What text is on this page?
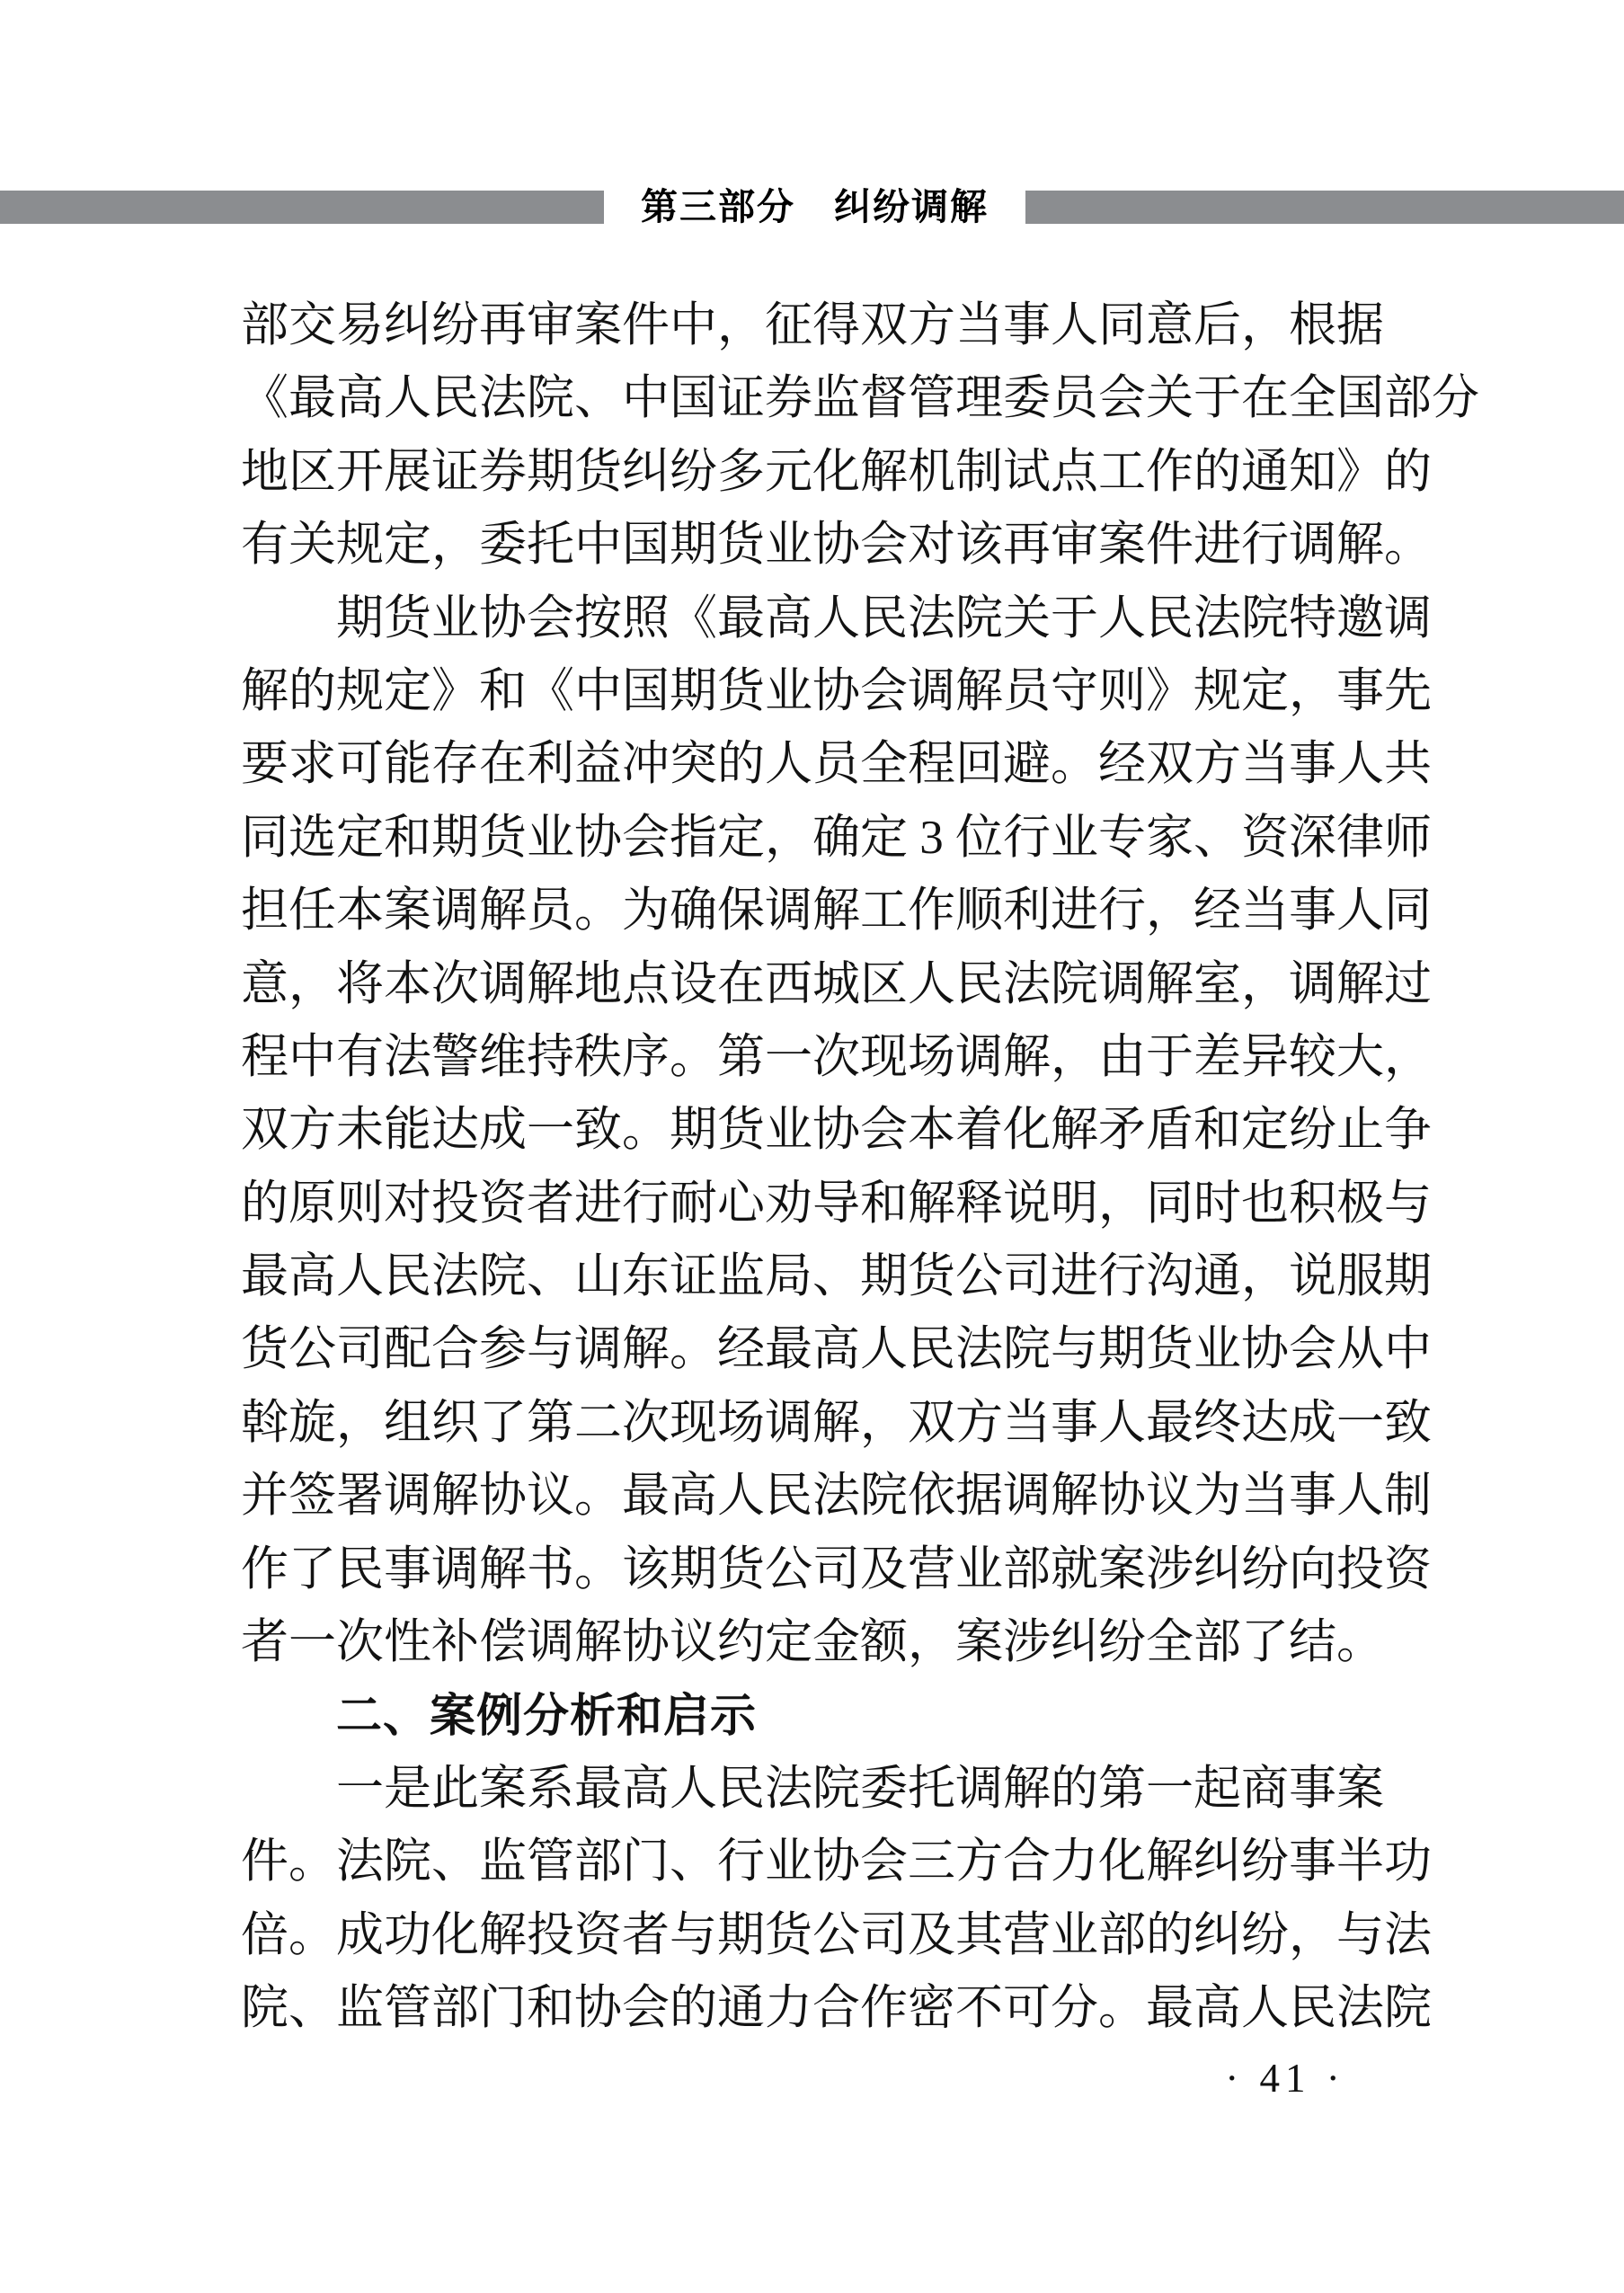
第三部分　纠纷调解
部交易纠纷再审案件中，征得双方当事人同意后，根据
《最高人民法院、中国证券监督管理委员会关于在全国部分
地区开展证券期货纠纷多元化解机制试点工作的通知》的
有关规定，委托中国期货业协会对该再审案件进行调解。
期货业协会按照《最高人民法院关于人民法院特邀调
解的规定》和《中国期货业协会调解员守则》规定，事先
要求可能存在利益冲突的人员全程回避。经双方当事人共
同选定和期货业协会指定，确定 3 位行业专家、资深律师
担任本案调解员。为确保调解工作顺利进行，经当事人同
意，将本次调解地点设在西城区人民法院调解室，调解过
程中有法警维持秩序。第一次现场调解，由于差异较大，
双方未能达成一致。期货业协会本着化解矛盾和定纷止争
的原则对投资者进行耐心劝导和解释说明，同时也积极与
最高人民法院、山东证监局、期货公司进行沟通，说服期
货公司配合参与调解。经最高人民法院与期货业协会从中
斡旋，组织了第二次现场调解，双方当事人最终达成一致
并签署调解协议。最高人民法院依据调解协议为当事人制
作了民事调解书。该期货公司及营业部就案涉纠纷向投资
者一次性补偿调解协议约定金额，案涉纠纷全部了结。
二、案例分析和启示
一是此案系最高人民法院委托调解的第一起商事案
件。法院、监管部门、行业协会三方合力化解纠纷事半功
倍。成功化解投资者与期货公司及其营业部的纠纷，与法
院、监管部门和协会的通力合作密不可分。最高人民法院
· 41 ·
